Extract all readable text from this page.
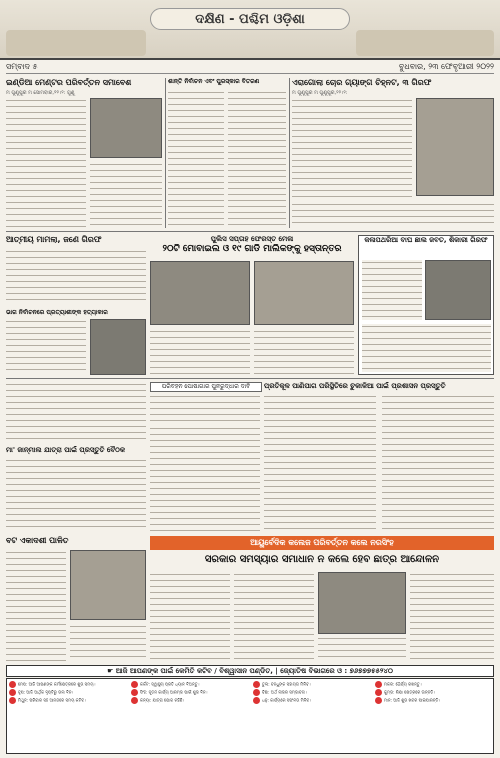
ଦକ୍ଷିଣ - ପଶ୍ଚିମ ଓଡ଼ିଶା
ସମ୍ବାଦ ୫	ବୁଧବାର, ୨୩ ଫେବୃଆରୀ ୨୦୨୨
ଇଣ୍ଡିଆ ମେଣ୍ଟର ପରିବର୍ତ୍ତନ ସମାବେଶ
ମ ଗୁଣୁପୁର ମ ସୋମବାର,୨୨।୨: ଗୁଣୁ
ଶାନ୍ତି ନିର୍ବାଚନ ଏବଂ ପୁରସ୍କାର ବିତରଣ	ଏରାଗୋଲା ଚୋର ଗ୍ୟାଙ୍ଗ ଚିହ୍ନଟ, ୩ ଗିରଫ
ମ ଗୁଣୁପୁର ମ ଗୁଣୁପୁର,୨୨।୨:
ଆତ୍ମୀୟ ମାମଲା, ଜଣେ ଗିରଫ
ଭାଗ ନିର୍ବାଚନରେ ପ୍ରତ୍ୟାଶୀଙ୍କ ହତ୍ୟାକାର
ପୁଲିସ ସପ୍ତାହ ଫେରସ୍ତ ମେଳା
୨୦ଟି ମୋବାଇଲ ଓ ୧୯ ଗାଡି ମାଲିକଙ୍କୁ ହସ୍ତାନ୍ତର
କଳାପଥରିଆ ବାଘ ଛାଲ ଜବତ, ଶିକାରୀ ଗିରଫ
ପରିବହନ ପୋଷାଗାର ପୁନରୁଦ୍ଧାର ଦାବି	ପ୍ରତିକୂଳ ପାଣିପାଗ ପରିସ୍ଥିତିରେ ଚୁକାଳିଆ ପାଇଁ ପ୍ରଶାସନ ପ୍ରସ୍ତୁତି
ମା' ଜାନ୍ମାଲ ଯାତ୍ରା ପାଇଁ ପ୍ରସ୍ତୁତି ବୈଠକ
ଆୟୁର୍ବେଦିକ କଲେଜ ପରିବର୍ତ୍ତନ କଲେ ନରସିଂହ
ସରକାର ସମସ୍ୟାର ସମାଧାନ ନ କଲେ ହେବ ଛାତ୍ର ଆନ୍ଦୋଳନ
ବଟ ଏକାଦଶୀ ପାଳିତ
☛ ଆଜି ଆପଣଙ୍କ ପାଇଁ କେମିତି କଟିବ / ବିଶ୍ୱାସାନ ପଣ୍ଡିତ, | ଜ୍ୟୋତିଷ ବିଭାଗରେ ଓ : ୭୬୭୭୭୫୫୨୪୦
ମେଷ: ଆଜି ଆପଣଙ୍କ କର୍ମକ୍ଷେତ୍ରରେ ଶୁଭ ସମୟ।
ବୃଷ: ଆଜି ଆର୍ଥିକ ଦୃଷ୍ଟିରୁ ଭଲ ଦିନ।
ମିଥୁନ: ପରିବାର ସହ ଆନନ୍ଦରେ ସମୟ କଟିବ।
କର୍କଟ: ସ୍ୱାସ୍ଥ୍ୟ ପ୍ରତି ଧ୍ୟାନ ଦିଅନ୍ତୁ।
ସିଂହ: ନୂତନ କାର୍ଯ୍ୟ ଆରମ୍ଭ ପାଇଁ ଶୁଭ ଦିନ।
କନ୍ୟା: ଯାତ୍ରା ଯୋଗ ରହିଛି।
ତୁଳା: ବନ୍ଧୁଙ୍କ ସହାୟତା ମିଳିବ।
ବିଛା: ଅର୍ଥ ଲାଭର ସମ୍ଭାବନା।
ଧନୁ: କାର୍ଯ୍ୟରେ ସଫଳତା ମିଳିବ।
ମକର: ଧୈର୍ଯ୍ୟ ରଖନ୍ତୁ।
କୁମ୍ଭ: ଶିକ୍ଷା କ୍ଷେତ୍ରରେ ଉନ୍ନତି।
ମୀନ: ଆଜି ଶୁଭ ଖବର ପାଇପାରନ୍ତି।
